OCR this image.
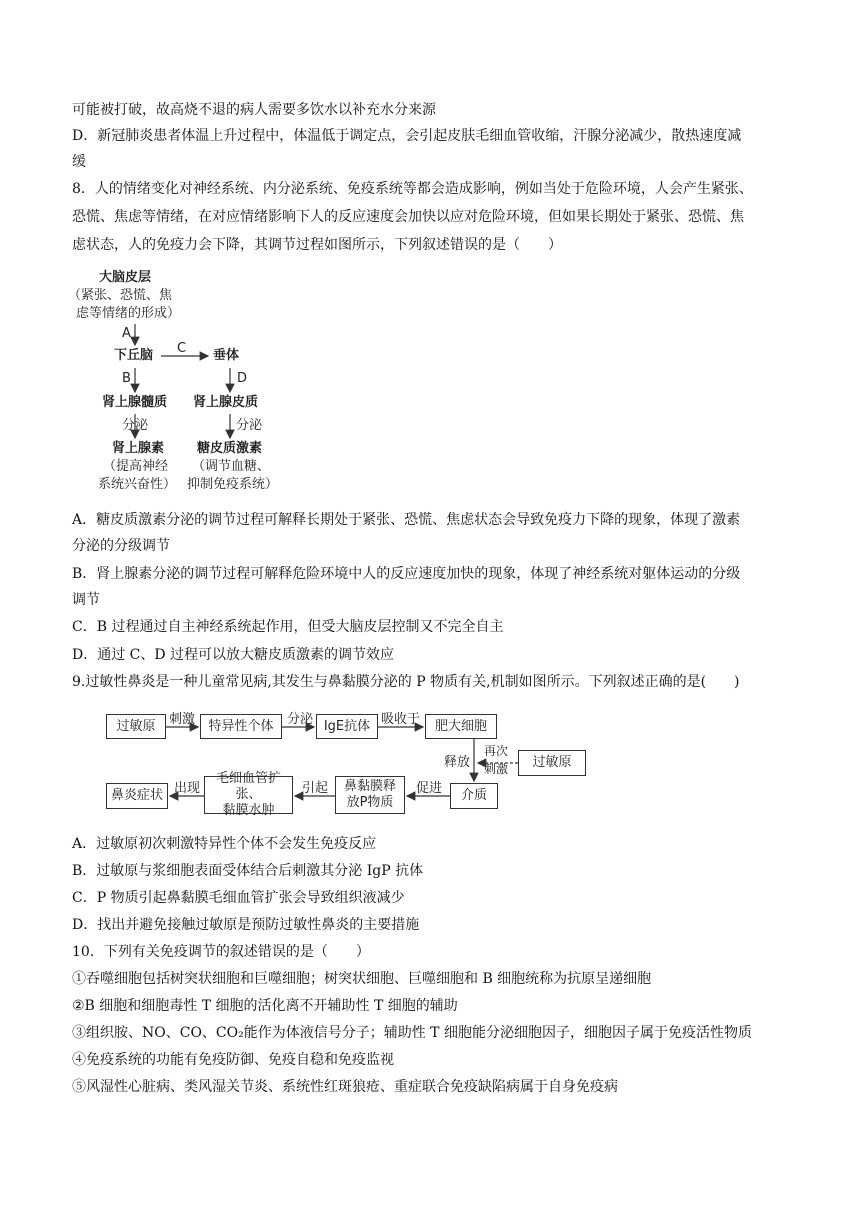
可能被打破，故高烧不退的病人需要多饮水以补充水分来源
D．新冠肺炎患者体温上升过程中，体温低于调定点，会引起皮肤毛细血管收缩，汗腺分泌减少，散热速度减
缓
8．人的情绪变化对神经系统、内分泌系统、免疫系统等都会造成影响，例如当处于危险环境，人会产生紧张、
恐慌、焦虑等情绪，在对应情绪影响下人的反应速度会加快以应对危险环境，但如果长期处于紧张、恐慌、焦
虑状态，人的免疫力会下降，其调节过程如图所示，下列叙述错误的是（　　）
大脑皮层
（紧张、恐慌、焦
虑等情绪的形成）
A
下丘脑 C 垂体
B	D
肾上腺髓质 肾上腺皮质
分泌	分泌
肾上腺素	糖皮质激素
（提高神经 （调节血糖、
系统兴奋性） 抑制免疫系统）
A．糖皮质激素分泌的调节过程可解释长期处于紧张、恐慌、焦虑状态会导致免疫力下降的现象，体现了激素
分泌的分级调节
B．肾上腺素分泌的调节过程可解释危险环境中人的反应速度加快的现象，体现了神经系统对躯体运动的分级
调节
C．B 过程通过自主神经系统起作用，但受大脑皮层控制又不完全自主
D．通过 C、D 过程可以放大糖皮质激素的调节效应
9.过敏性鼻炎是一种儿童常见病,其发生与鼻黏膜分泌的 P 物质有关,机制如图所示。下列叙述正确的是(　　)
过敏原	刺激	特异性个体	分泌 IgE抗体 吸收于	肥大细胞
释放
再次
刺激	过敏原
介质
促进
鼻黏膜释
放P物质
引起
毛细血管扩张、
黏膜水肿
出现
鼻炎症状
A．过敏原初次刺激特异性个体不会发生免疫反应
B．过敏原与浆细胞表面受体结合后刺激其分泌 IgP 抗体
C．P 物质引起鼻黏膜毛细血管扩张会导致组织液减少
D．找出并避免接触过敏原是预防过敏性鼻炎的主要措施
10．下列有关免疫调节的叙述错误的是（　　）
①吞噬细胞包括树突状细胞和巨噬细胞；树突状细胞、巨噬细胞和 B 细胞统称为抗原呈递细胞
②B 细胞和细胞毒性 T 细胞的活化离不开辅助性 T 细胞的辅助
③组织胺、NO、CO、CO₂能作为体液信号分子；辅助性 T 细胞能分泌细胞因子，细胞因子属于免疫活性物质
④免疫系统的功能有免疫防御、免疫自稳和免疫监视
⑤风湿性心脏病、类风湿关节炎、系统性红斑狼疮、重症联合免疫缺陷病属于自身免疫病
